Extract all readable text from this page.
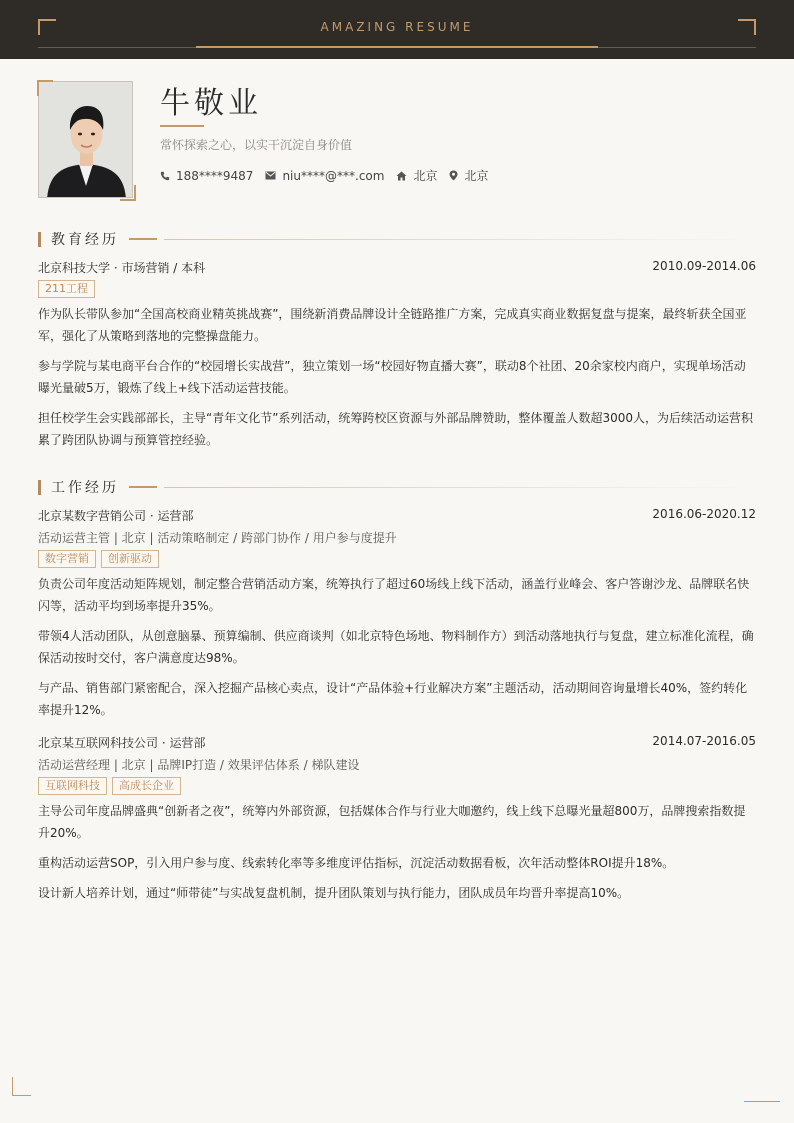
AMAZING RESUME
牛敬业
常怀探索之心，以实干沉淀自身价值
188****9487 niu****@***.com 北京 北京
教育经历
北京科技大学 · 市场营销 / 本科	2010.09-2014.06
211工程
作为队长带队参加“全国高校商业精英挑战赛”，围绕新消费品牌设计全链路推广方案，完成真实商业数据复盘与提案，最终斩获全国亚军，强化了从策略到落地的完整操盘能力。
参与学院与某电商平台合作的“校园增长实战营”，独立策划一场“校园好物直播大赛”，联动8个社团、20余家校内商户，实现单场活动曝光量破5万，锻炼了线上+线下活动运营技能。
担任校学生会实践部部长，主导“青年文化节”系列活动，统筹跨校区资源与外部品牌赞助，整体覆盖人数超3000人，为后续活动运营积累了跨团队协调与预算管控经验。
工作经历
北京某数字营销公司 · 运营部	2016.06-2020.12
活动运营主管 | 北京 | 活动策略制定 / 跨部门协作 / 用户参与度提升
数字营销	创新驱动
负责公司年度活动矩阵规划，制定整合营销活动方案，统筹执行了超过60场线上线下活动，涵盖行业峰会、客户答谢沙龙、品牌联名快闪等，活动平均到场率提升35%。
带领4人活动团队，从创意脑暴、预算编制、供应商谈判（如北京特色场地、物料制作方）到活动落地执行与复盘，建立标准化流程，确保活动按时交付，客户满意度达98%。
与产品、销售部门紧密配合，深入挖掘产品核心卖点，设计“产品体验+行业解决方案”主题活动，活动期间咨询量增长40%，签约转化率提升12%。
北京某互联网科技公司 · 运营部	2014.07-2016.05
活动运营经理 | 北京 | 品牌IP打造 / 效果评估体系 / 梯队建设
互联网科技	高成长企业
主导公司年度品牌盛典“创新者之夜”，统筹内外部资源，包括媒体合作与行业大咖邀约，线上线下总曝光量超800万，品牌搜索指数提升20%。
重构活动运营SOP，引入用户参与度、线索转化率等多维度评估指标，沉淀活动数据看板，次年活动整体ROI提升18%。
设计新人培养计划，通过“师带徒”与实战复盘机制，提升团队策划与执行能力，团队成员年均晋升率提高10%。
